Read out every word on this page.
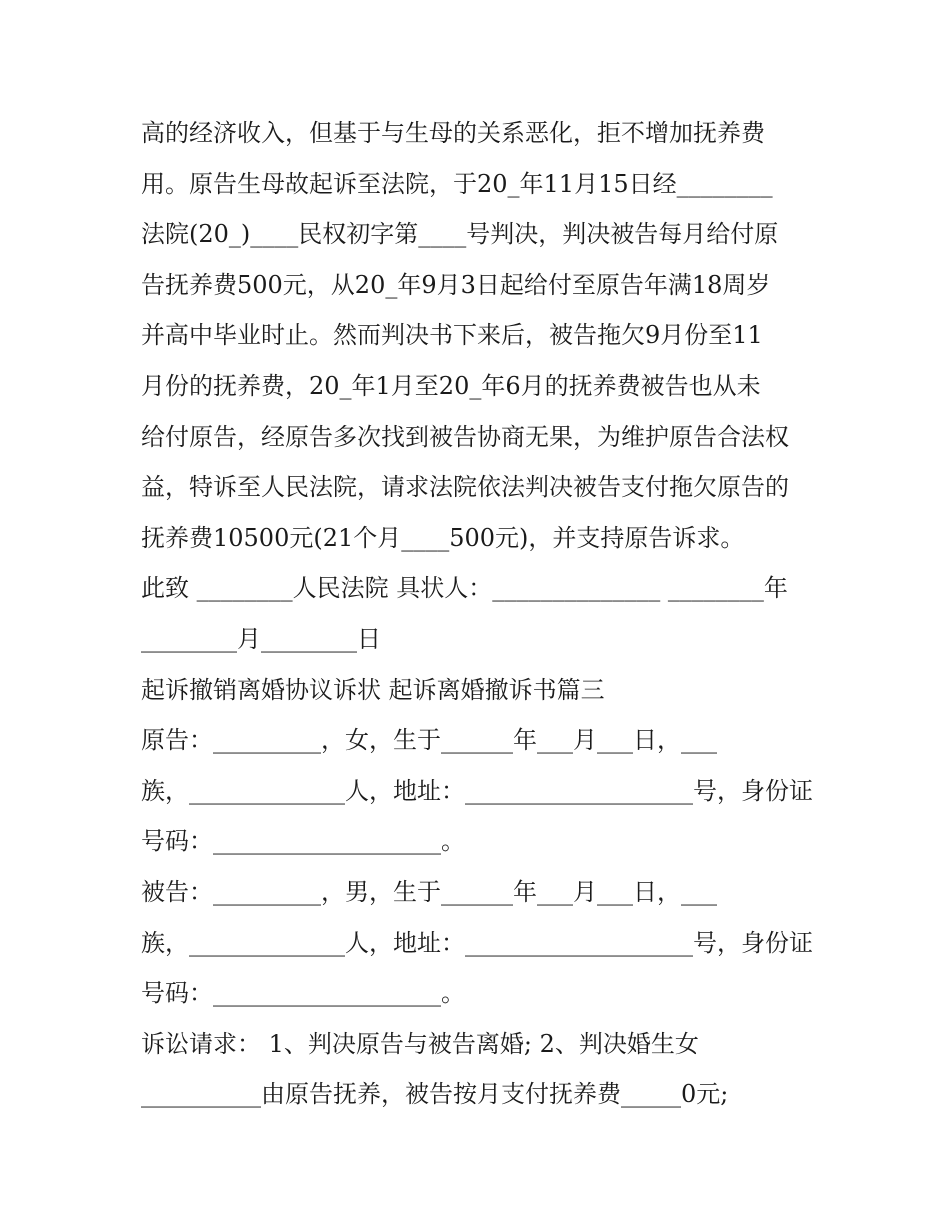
高的经济收入，但基于与生母的关系恶化，拒不增加抚养费
用。原告生母故起诉至法院，于20_年11月15日经________
法院(20_)____民权初字第____号判决，判决被告每月给付原
告抚养费500元，从20_年9月3日起给付至原告年满18周岁
并高中毕业时止。然而判决书下来后，被告拖欠9月份至11
月份的抚养费，20_年1月至20_年6月的抚养费被告也从未
给付原告，经原告多次找到被告协商无果，为维护原告合法权
益，特诉至人民法院，请求法院依法判决被告支付拖欠原告的
抚养费10500元(21个月____500元)，并支持原告诉求。
此致 ________人民法院 具状人：______________ ________年
________月________日
起诉撤销离婚协议诉状 起诉离婚撤诉书篇三
原告：_________，女，生于______年___月___日，___
族，_____________人，地址：___________________号，身份证
号码：___________________。
被告：_________，男，生于______年___月___日，___
族，_____________人，地址：___________________号，身份证
号码：___________________。
诉讼请求： 1、判决原告与被告离婚; 2、判决婚生女
__________由原告抚养，被告按月支付抚养费_____0元;
